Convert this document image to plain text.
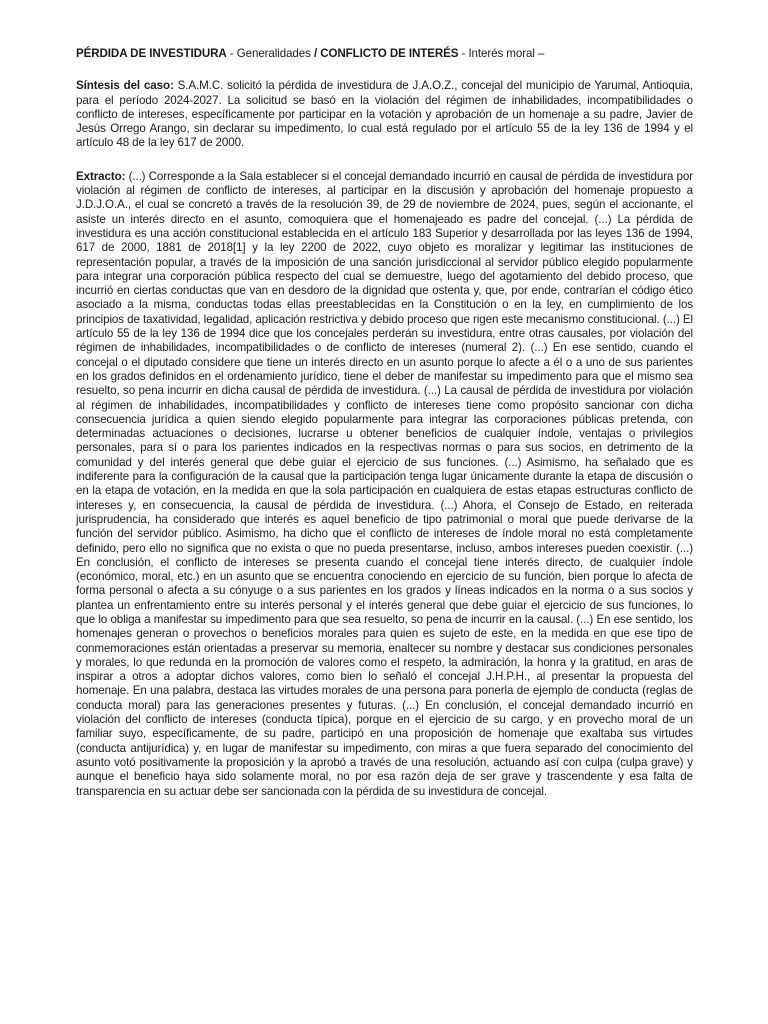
PÉRDIDA DE INVESTIDURA - Generalidades / CONFLICTO DE INTERÉS - Interés moral –

Síntesis del caso: S.A.M.C. solicitó la pérdida de investidura de J.A.O.Z., concejal del municipio de Yarumal, Antioquia, para el período 2024-2027. La solicitud se basó en la violación del régimen de inhabilidades, incompatibilidades o conflicto de intereses, específicamente por participar en la votación y aprobación de un homenaje a su padre, Javier de Jesús Orrego Arango, sin declarar su impedimento, lo cual está regulado por el artículo 55 de la ley 136 de 1994 y el artículo 48 de la ley 617 de 2000.

Extracto: (...) Corresponde a la Sala establecer si el concejal demandado incurrió en causal de pérdida de investidura por violación al régimen de conflicto de intereses, al participar en la discusión y aprobación del homenaje propuesto a J.D.J.O.A., el cual se concretó a través de la resolución 39, de 29 de noviembre de 2024, pues, según el accionante, el asiste un interés directo en el asunto, comoquiera que el homenajeado es padre del concejal. (...) La pérdida de investidura es una acción constitucional establecida en el artículo 183 Superior y desarrollada por las leyes 136 de 1994, 617 de 2000, 1881 de 2018[1] y la ley 2200 de 2022, cuyo objeto es moralizar y legitimar las instituciones de representación popular, a través de la imposición de una sanción jurisdiccional al servidor público elegido popularmente para integrar una corporación pública respecto del cual se demuestre, luego del agotamiento del debido proceso, que incurrió en ciertas conductas que van en desdoro de la dignidad que ostenta y, que, por ende, contrarían el código ético asociado a la misma, conductas todas ellas preestablecidas en la Constitución o en la ley, en cumplimiento de los principios de taxatividad, legalidad, aplicación restrictiva y debido proceso que rigen este mecanismo constitucional. (...) El artículo 55 de la ley 136 de 1994 dice que los concejales perderán su investidura, entre otras causales, por violación del régimen de inhabilidades, incompatibilidades o de conflicto de intereses (numeral 2). (...) En ese sentido, cuando el concejal o el diputado considere que tiene un interés directo en un asunto porque lo afecte a él o a uno de sus parientes en los grados definidos en el ordenamiento jurídico, tiene el deber de manifestar su impedimento para que el mismo sea resuelto, so pena incurrir en dicha causal de pérdida de investidura. (...) La causal de pérdida de investidura por violación al régimen de inhabilidades, incompatibilidades y conflicto de intereses tiene como propósito sancionar con dicha consecuencia jurídica a quien siendo elegido popularmente para integrar las corporaciones públicas pretenda, con determinadas actuaciones o decisiones, lucrarse u obtener beneficios de cualquier índole, ventajas o privilegios personales, para sí o para los parientes indicados en la respectivas normas o para sus socios, en detrimento de la comunidad y del interés general que debe guiar el ejercicio de sus funciones. (...) Asimismo, ha señalado que es indiferente para la configuración de la causal que la participación tenga lugar únicamente durante la etapa de discusión o en la etapa de votación, en la medida en que la sola participación en cualquiera de estas etapas estructuras conflicto de intereses y, en consecuencia, la causal de pérdida de investidura. (...) Ahora, el Consejo de Estado, en reiterada jurisprudencia, ha considerado que interés es aquel beneficio de tipo patrimonial o moral que puede derivarse de la función del servidor público. Asimismo, ha dicho que el conflicto de intereses de índole moral no está completamente definido, pero ello no significa que no exista o que no pueda presentarse, incluso, ambos intereses pueden coexistir. (...) En conclusión, el conflicto de intereses se presenta cuando el concejal tiene interés directo, de cualquier índole (económico, moral, etc.) en un asunto que se encuentra conociendo en ejercicio de su función, bien porque lo afecta de forma personal o afecta a su cónyuge o a sus parientes en los grados y líneas indicados en la norma o a sus socios y plantea un enfrentamiento entre su interés personal y el interés general que debe guiar el ejercicio de sus funciones, lo que lo obliga a manifestar su impedimento para que sea resuelto, so pena de incurrir en la causal. (...) En ese sentido, los homenajes generan o provechos o beneficios morales para quien es sujeto de este, en la medida en que ese tipo de conmemoraciones están orientadas a preservar su memoria, enaltecer su nombre y destacar sus condiciones personales y morales, lo que redunda en la promoción de valores como el respeto, la admiración, la honra y la gratitud, en aras de inspirar a otros a adoptar dichos valores, como bien lo señaló el concejal J.H.P.H., al presentar la propuesta del homenaje. En una palabra, destaca las virtudes morales de una persona para ponerla de ejemplo de conducta (reglas de conducta moral) para las generaciones presentes y futuras. (...) En conclusión, el concejal demandado incurrió en violación del conflicto de intereses (conducta típica), porque en el ejercicio de su cargo, y en provecho moral de un familiar suyo, específicamente, de su padre, participó en una proposición de homenaje que exaltaba sus virtudes (conducta antijurídica) y, en lugar de manifestar su impedimento, con miras a que fuera separado del conocimiento del asunto votó positivamente la proposición y la aprobó a través de una resolución, actuando así con culpa (culpa grave) y aunque el beneficio haya sido solamente moral, no por esa razón deja de ser grave y trascendente y esa falta de transparencia en su actuar debe ser sancionada con la pérdida de su investidura de concejal.
